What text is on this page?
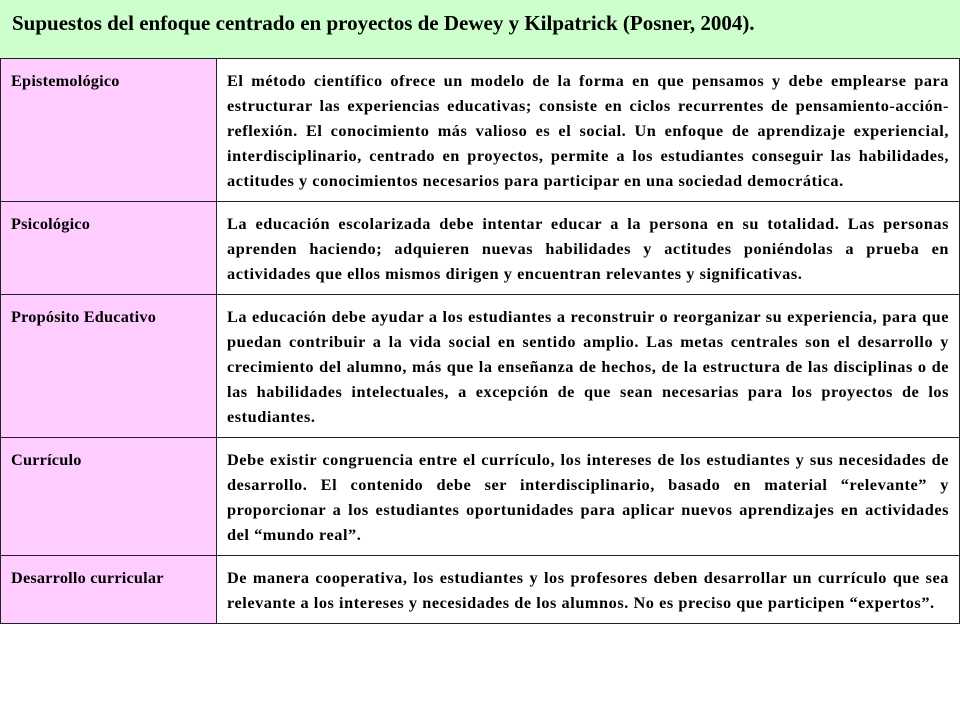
Supuestos del enfoque centrado en proyectos de Dewey y Kilpatrick (Posner, 2004).
Epistemológico	El método científico ofrece un modelo de la forma en que pensamos y debe emplearse para estructurar las experiencias educativas; consiste en ciclos recurrentes de pensamiento-acción-reflexión. El conocimiento más valioso es el social. Un enfoque de aprendizaje experiencial, interdisciplinario, centrado en proyectos, permite a los estudiantes conseguir las habilidades, actitudes y conocimientos necesarios para participar en una sociedad democrática.
Psicológico	La educación escolarizada debe intentar educar a la persona en su totalidad. Las personas aprenden haciendo; adquieren nuevas habilidades y actitudes poniéndolas a prueba en actividades que ellos mismos dirigen y encuentran relevantes y significativas.
Propósito Educativo	La educación debe ayudar a los estudiantes a reconstruir o reorganizar su experiencia, para que puedan contribuir a la vida social en sentido amplio. Las metas centrales son el desarrollo y crecimiento del alumno, más que la enseñanza de hechos, de la estructura de las disciplinas o de las habilidades intelectuales, a excepción de que sean necesarias para los proyectos de los estudiantes.
Currículo	Debe existir congruencia entre el currículo, los intereses de los estudiantes y sus necesidades de desarrollo. El contenido debe ser interdisciplinario, basado en material “relevante” y proporcionar a los estudiantes oportunidades para aplicar nuevos aprendizajes en actividades del “mundo real”.
Desarrollo curricular	De manera cooperativa, los estudiantes y los profesores deben desarrollar un currículo que sea relevante a los intereses y necesidades de los alumnos. No es preciso que participen “expertos”.
